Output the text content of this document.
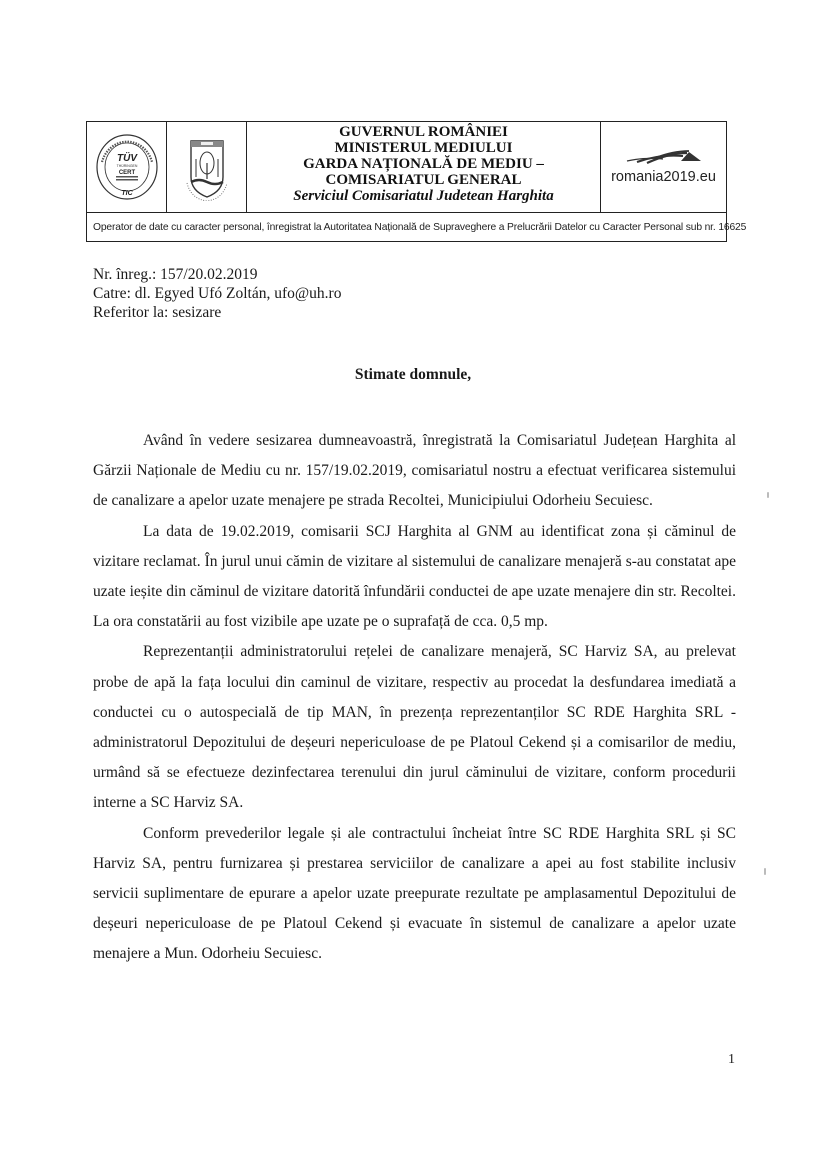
TÜV
THÜRINGEN
CERT
TIC
GUVERNUL ROMÂNIEI
MINISTERUL MEDIULUI
GARDA NAȚIONALĂ DE MEDIU –
COMISARIATUL GENERAL
Serviciul Comisariatul Judetean Harghita
romania2019.eu
Operator de date cu caracter personal, înregistrat la Autoritatea Națională de Supraveghere a Prelucrării Datelor cu Caracter Personal sub nr. 16625
Nr. înreg.: 157/20.02.2019
Catre: dl. Egyed Ufó Zoltán, ufo@uh.ro
Referitor la: sesizare
Stimate domnule,

Având în vedere sesizarea dumneavoastră, înregistrată la Comisariatul Județean Harghita al Gărzii Naționale de Mediu cu nr. 157/19.02.2019, comisariatul nostru a efectuat verificarea sistemului de canalizare a apelor uzate menajere pe strada Recoltei, Municipiului Odorheiu Secuiesc.

La data de 19.02.2019, comisarii SCJ Harghita al GNM au identificat zona și căminul de vizitare reclamat. În jurul unui cămin de vizitare al sistemului de canalizare menajeră s-au constatat ape uzate ieșite din căminul de vizitare datorită înfundării conductei de ape uzate menajere din str. Recoltei. La ora constatării au fost vizibile ape uzate pe o suprafață de cca. 0,5 mp.

Reprezentanții administratorului rețelei de canalizare menajeră, SC Harviz SA, au prelevat probe de apă la fața locului din caminul de vizitare, respectiv au procedat la desfundarea imediată a conductei cu o autospecială de tip MAN, în prezența reprezentanților SC RDE Harghita SRL - administratorul Depozitului de deșeuri nepericuloase de pe Platoul Cekend și a comisarilor de mediu, urmând să se efectueze dezinfectarea terenului din jurul căminului de vizitare, conform procedurii interne a SC Harviz SA.

Conform prevederilor legale și ale contractului încheiat între SC RDE Harghita SRL și SC Harviz SA, pentru furnizarea și prestarea serviciilor de canalizare a apei au fost stabilite inclusiv servicii suplimentare de epurare a apelor uzate preepurate rezultate pe amplasamentul Depozitului de deșeuri nepericuloase de pe Platoul Cekend și evacuate în sistemul de canalizare a apelor uzate menajere a Mun. Odorheiu Secuiesc.

1
